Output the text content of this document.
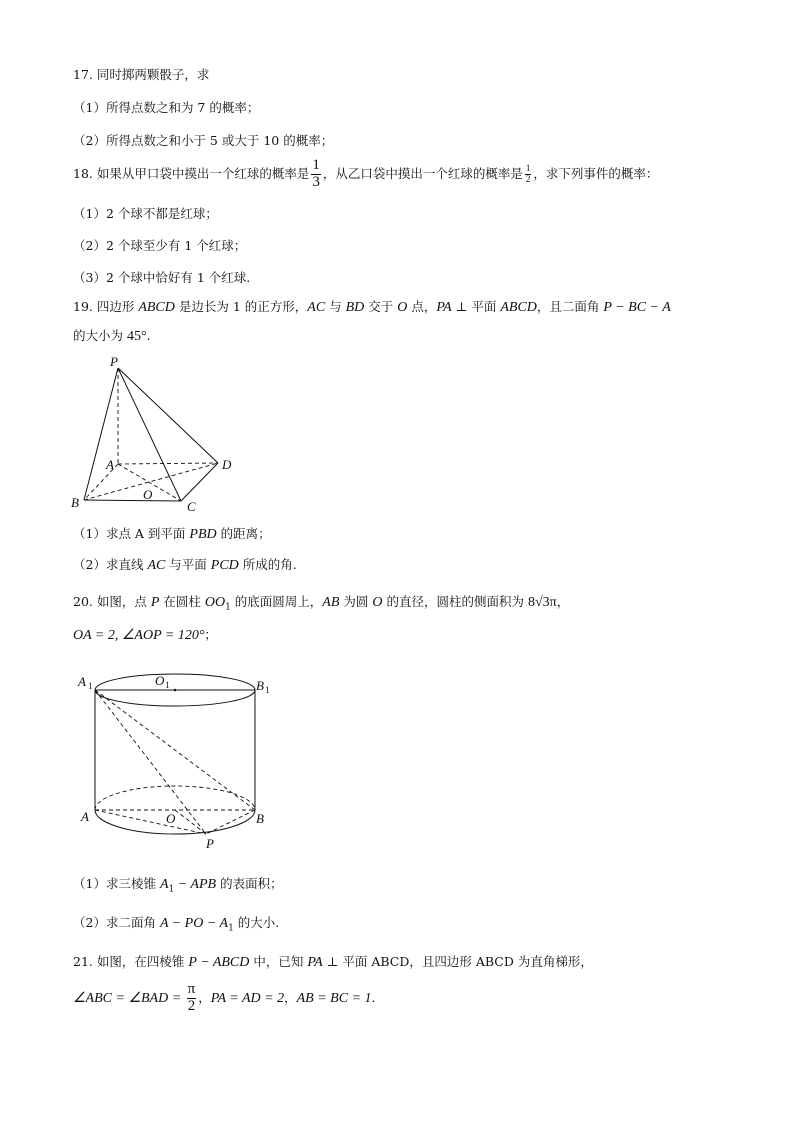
17. 同时掷两颗骰子，求
（1）所得点数之和为 7 的概率；
（2）所得点数之和小于 5 或大于 10 的概率；
18. 如果从甲口袋中摸出一个红球的概率是 $\frac{1}{3}$ ，从乙口袋中摸出一个红球的概率是 $\frac{1}{2}$ ，求下列事件的概率：
（1）2 个球不都是红球；
（2）2 个球至少有 1 个红球；
（3）2 个球中恰好有 1 个红球.
19. 四边形 ABCD 是边长为 1 的正方形，AC 与 BD 交于 O 点，PA ⊥ 平面 ABCD，且二面角 P − BC − A
的大小为 45°.
P
A
B	C
D
O
（1）求点 A 到平面 PBD 的距离；
（2）求直线 AC 与平面 PCD 所成的角.
20. 如图，点 P 在圆柱 $OO_1$ 的底面圆周上，AB 为圆 O 的直径，圆柱的侧面积为 8√3π，
OA = 2, ∠AOP = 120°；
A 1	O 1	B 1
A	B
O
P
（1）求三棱锥 $A_1$ − APB 的表面积；
（2）求二面角 A − PO − $A_1$ 的大小.
21. 如图，在四棱锥 P − ABCD 中，已知 PA ⊥ 平面 ABCD，且四边形 ABCD 为直角梯形，
∠ABC = ∠BAD = $\frac{\pi}{2}$ ，PA = AD = 2，AB = BC = 1.
